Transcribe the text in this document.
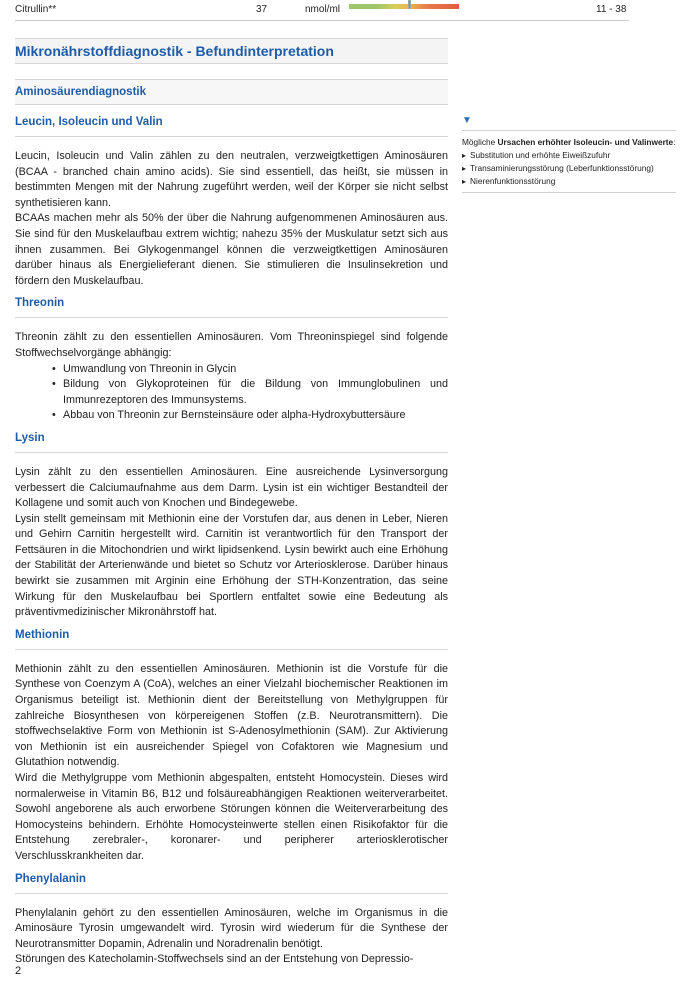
Citrullin**	37	nmol/ml	11 - 38
Mikronährstoffdiagnostik - Befundinterpretation
Aminosäurendiagnostik
Leucin, Isoleucin und Valin

Leucin, Isoleucin und Valin zählen zu den neutralen, verzweigtkettigen Aminosäuren (BCAA - branched chain amino acids). Sie sind essentiell, das heißt, sie müssen in bestimmten Mengen mit der Nahrung zugeführt werden, weil der Körper sie nicht selbst synthetisieren kann.

BCAAs machen mehr als 50% der über die Nahrung aufgenommenen Aminosäuren aus. Sie sind für den Muskelaufbau extrem wichtig; nahezu 35% der Muskulatur setzt sich aus ihnen zusammen. Bei Glykogenmangel können die verzweigtkettigen Aminosäuren darüber hinaus als Energielieferant dienen. Sie stimulieren die Insulinsekretion und fördern den Muskelaufbau.

Threonin

Threonin zählt zu den essentiellen Aminosäuren. Vom Threoninspiegel sind folgende Stoffwechselvorgänge abhängig:

• Umwandlung von Threonin in Glycin
• Bildung von Glykoproteinen für die Bildung von Immunglobulinen und Immunrezeptoren des Immunsystems.
• Abbau von Threonin zur Bernsteinsäure oder alpha-Hydroxybuttersäure
Lysin

Lysin zählt zu den essentiellen Aminosäuren. Eine ausreichende Lysinversorgung verbessert die Calciumaufnahme aus dem Darm. Lysin ist ein wichtiger Bestandteil der Kollagene und somit auch von Knochen und Bindegewebe.

Lysin stellt gemeinsam mit Methionin eine der Vorstufen dar, aus denen in Leber, Nieren und Gehirn Carnitin hergestellt wird. Carnitin ist verantwortlich für den Transport der Fettsäuren in die Mitochondrien und wirkt lipidsenkend. Lysin bewirkt auch eine Erhöhung der Stabilität der Arterienwände und bietet so Schutz vor Arteriosklerose. Darüber hinaus bewirkt sie zusammen mit Arginin eine Erhöhung der STH-Konzentration, das seine Wirkung für den Muskelaufbau bei Sportlern entfaltet sowie eine Bedeutung als präventivmedizinischer Mikronährstoff hat.

Methionin

Methionin zählt zu den essentiellen Aminosäuren. Methionin ist die Vorstufe für die Synthese von Coenzym A (CoA), welches an einer Vielzahl biochemischer Reaktionen im Organismus beteiligt ist. Methionin dient der Bereitstellung von Methylgruppen für zahlreiche Biosynthesen von körpereigenen Stoffen (z.B. Neurotransmittern). Die stoffwechselaktive Form von Methionin ist S-Adenosylmethionin (SAM). Zur Aktivierung von Methionin ist ein ausreichender Spiegel von Cofaktoren wie Magnesium und Glutathion notwendig.

Wird die Methylgruppe vom Methionin abgespalten, entsteht Homocystein. Dieses wird normalerweise in Vitamin B6, B12 und folsäureabhängigen Reaktionen weiterverarbeitet. Sowohl angeborene als auch erworbene Störungen können die Weiterverarbeitung des Homocysteins behindern. Erhöhte Homocysteinwerte stellen einen Risikofaktor für die Entstehung zerebraler-, koronarer- und peripherer arteriosklerotischer Verschlusskrankheiten dar.

Phenylalanin

Phenylalanin gehört zu den essentiellen Aminosäuren, welche im Organismus in die Aminosäure Tyrosin umgewandelt wird. Tyrosin wird wiederum für die Synthese der Neurotransmitter Dopamin, Adrenalin und Noradrenalin benötigt.

Störungen des Katecholamin-Stoffwechsels sind an der Entstehung von Depressio-

▼
Mögliche Ursachen erhöhter Isoleucin- und Valinwerte:
▸ Substitution und erhöhte Eiweißzufuhr
▸ Transaminierungsstörung (Leberfunktionsstörung)
▸ Nierenfunktionsstörung
2
